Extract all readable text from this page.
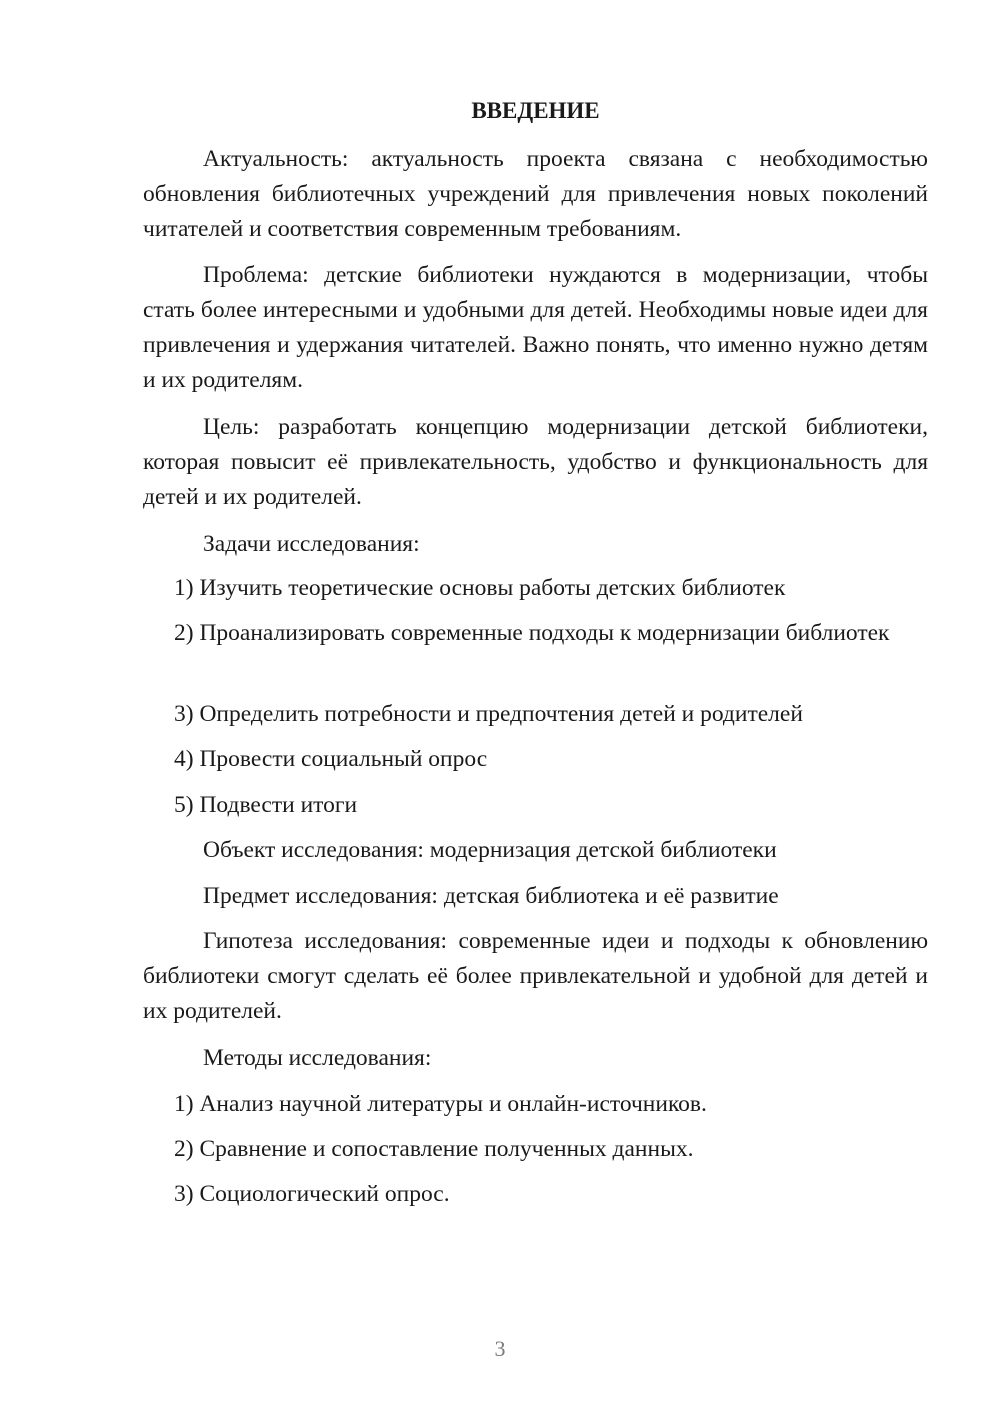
ВВЕДЕНИЕ

Актуальность: актуальность проекта связана с необходимостью обновления библиотечных учреждений для привлечения новых поколений читателей и соответствия современным требованиям.

Проблема: детские библиотеки нуждаются в модернизации, чтобы стать более интересными и удобными для детей. Необходимы новые идеи для привлечения и удержания читателей. Важно понять, что именно нужно детям и их родителям.

Цель: разработать концепцию модернизации детской библиотеки, которая повысит её привлекательность, удобство и функциональность для детей и их родителей.

Задачи исследования:

1) Изучить теоретические основы работы детских библиотек

2) Проанализировать современные подходы к модернизации библиотек

3) Определить потребности и предпочтения детей и родителей

4) Провести социальный опрос

5) Подвести итоги

Объект исследования: модернизация детской библиотеки

Предмет исследования: детская библиотека и её развитие

Гипотеза исследования: современные идеи и подходы к обновлению библиотеки смогут сделать её более привлекательной и удобной для детей и их родителей.

Методы исследования:

1) Анализ научной литературы и онлайн-источников.

2) Сравнение и сопоставление полученных данных.

3) Социологический опрос.

3
